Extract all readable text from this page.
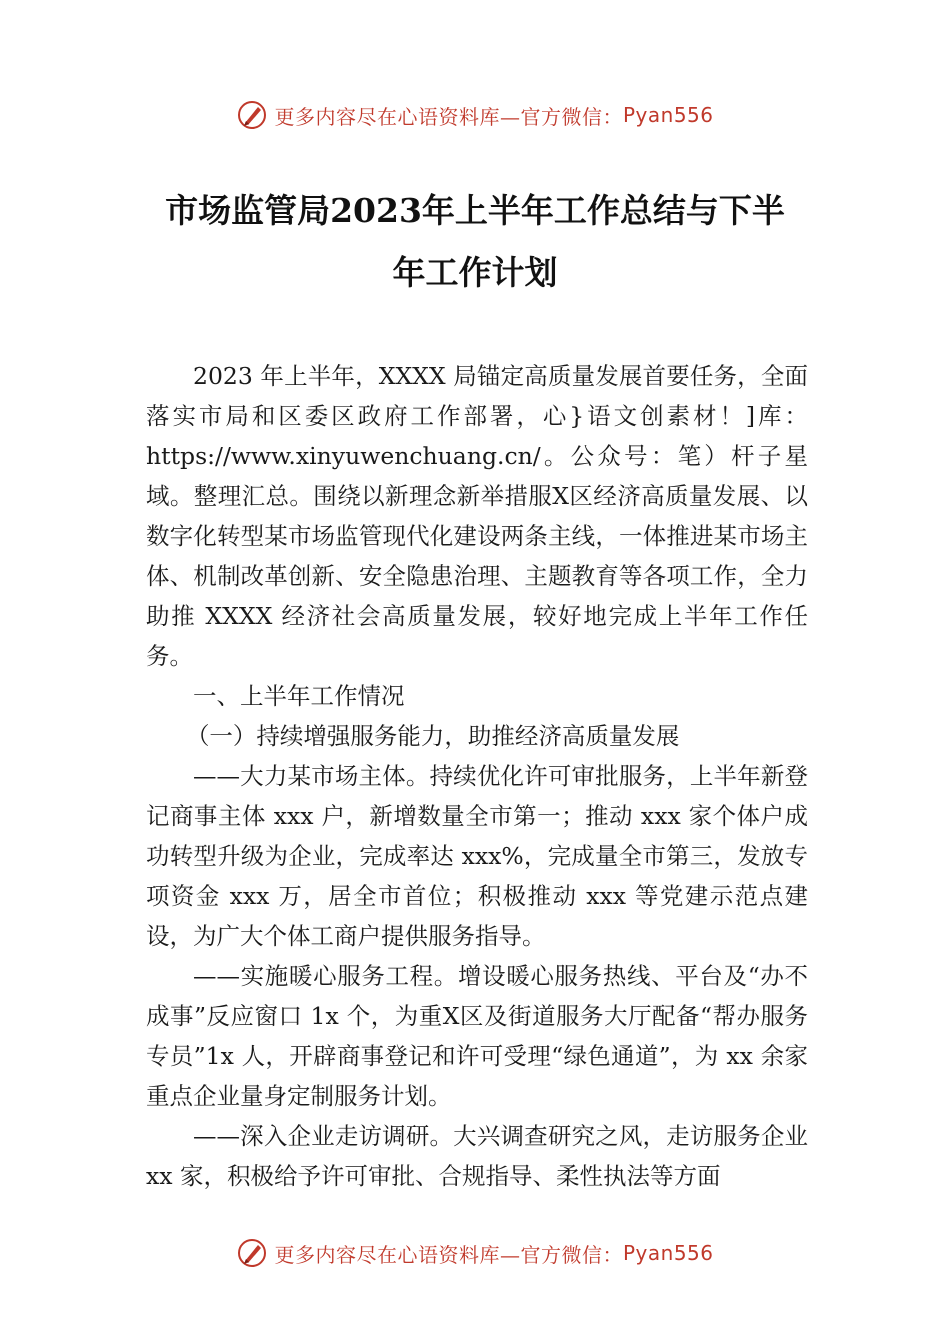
更多内容尽在心语资料库—官方微信： Pyan556
市场监管局2023年上半年工作总结与下半
年工作计划

2023 年上半年，XXXX 局锚定高质量发展首要任务，全面落实市局和区委区政府工作部署，心}语文创素材！]库：https://www.xinyuwenchuang.cn/。公众号：笔）杆子星域。整理汇总。围绕以新理念新举措服X区经济高质量发展、以数字化转型某市场监管现代化建设两条主线，一体推进某市场主体、机制改革创新、安全隐患治理、主题教育等各项工作，全力助推 XXXX 经济社会高质量发展，较好地完成上半年工作任务。

一、上半年工作情况

（一）持续增强服务能力，助推经济高质量发展

——大力某市场主体。持续优化许可审批服务，上半年新登记商事主体 xxx 户，新增数量全市第一；推动 xxx 家个体户成功转型升级为企业，完成率达 xxx%，完成量全市第三，发放专项资金 xxx 万，居全市首位；积极推动 xxx 等党建示范点建设，为广大个体工商户提供服务指导。

——实施暖心服务工程。增设暖心服务热线、平台及“办不成事”反应窗口 1x 个，为重X区及街道服务大厅配备“帮办服务专员”1x 人，开辟商事登记和许可受理“绿色通道”，为 xx 余家重点企业量身定制服务计划。

——深入企业走访调研。大兴调查研究之风，走访服务企业 xx 家，积极给予许可审批、合规指导、柔性执法等方面

更多内容尽在心语资料库—官方微信： Pyan556
